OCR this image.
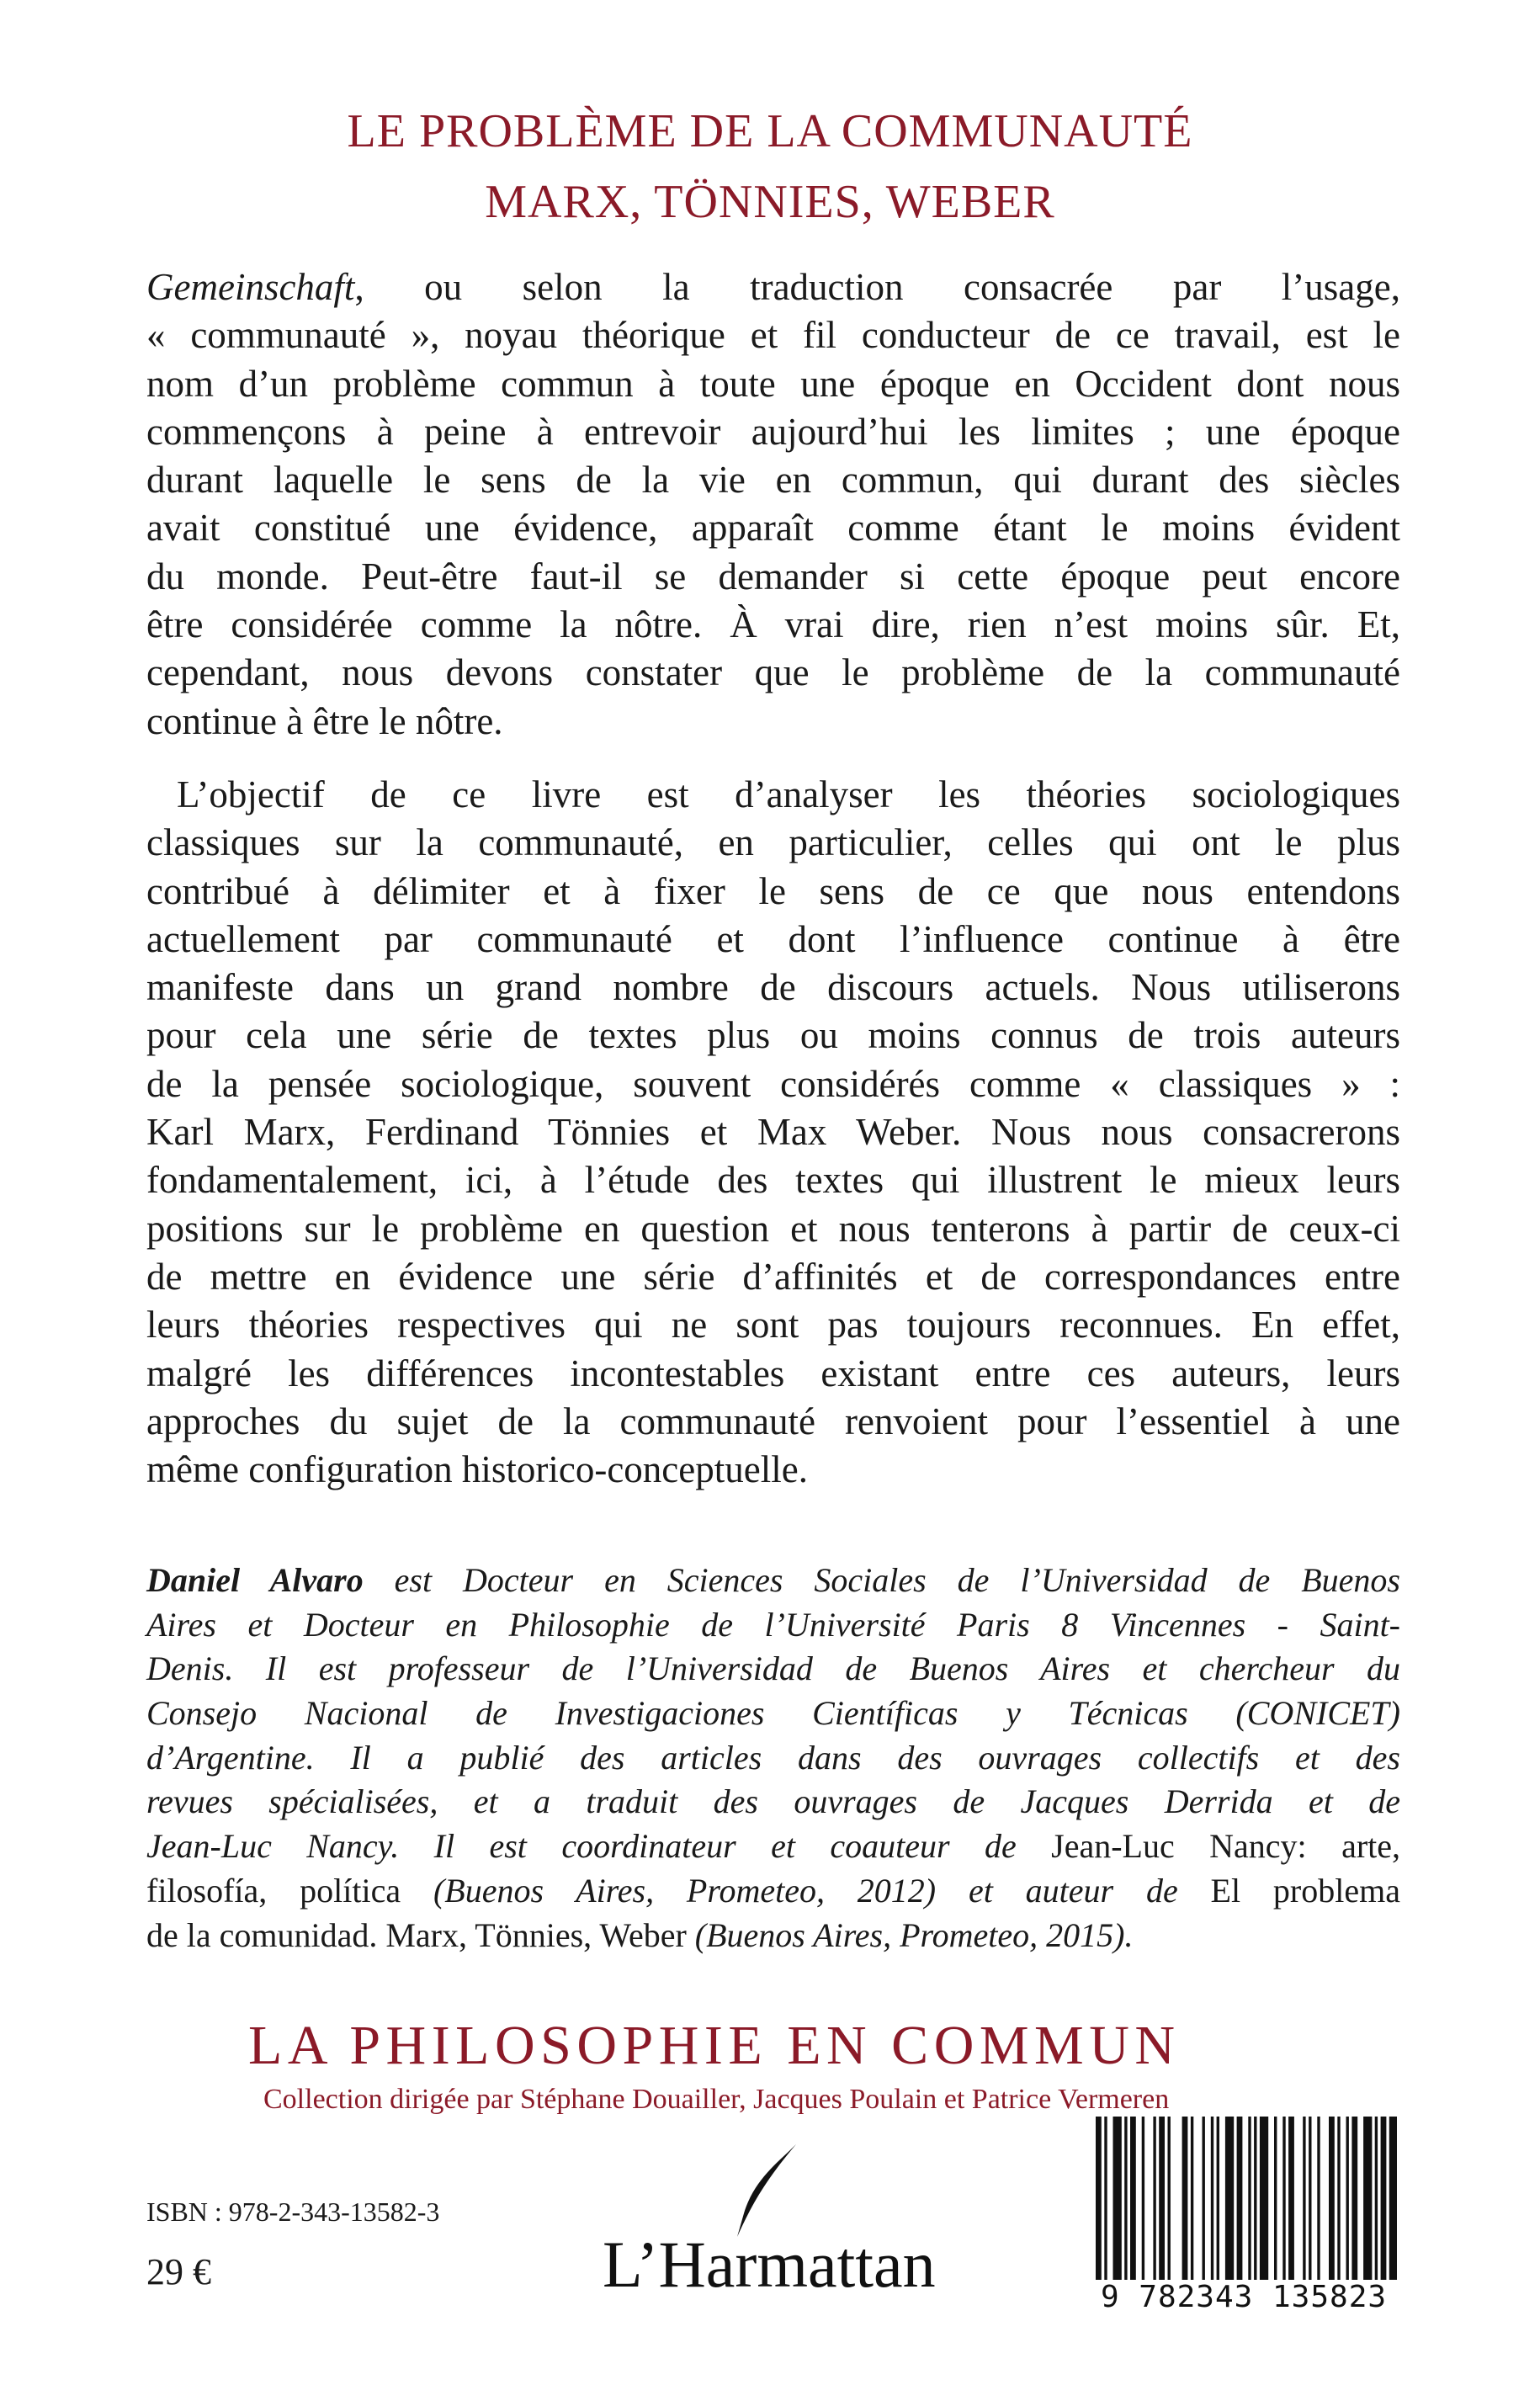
LE PROBLÈME DE LA COMMUNAUTÉ
MARX, TÖNNIES, WEBER
Gemeinschaft, ou selon la traduction consacrée par l’usage,
« communauté », noyau théorique et fil conducteur de ce travail, est le
nom d’un problème commun à toute une époque en Occident dont nous
commençons à peine à entrevoir aujourd’hui les limites ; une époque
durant laquelle le sens de la vie en commun, qui durant des siècles
avait constitué une évidence, apparaît comme étant le moins évident
du monde. Peut-être faut-il se demander si cette époque peut encore
être considérée comme la nôtre. À vrai dire, rien n’est moins sûr. Et,
cependant, nous devons constater que le problème de la communauté
continue à être le nôtre.
L’objectif de ce livre est d’analyser les théories sociologiques
classiques sur la communauté, en particulier, celles qui ont le plus
contribué à délimiter et à fixer le sens de ce que nous entendons
actuellement par communauté et dont l’influence continue à être
manifeste dans un grand nombre de discours actuels. Nous utiliserons
pour cela une série de textes plus ou moins connus de trois auteurs
de la pensée sociologique, souvent considérés comme « classiques » :
Karl Marx, Ferdinand Tönnies et Max Weber. Nous nous consacrerons
fondamentalement, ici, à l’étude des textes qui illustrent le mieux leurs
positions sur le problème en question et nous tenterons à partir de ceux-ci
de mettre en évidence une série d’affinités et de correspondances entre
leurs théories respectives qui ne sont pas toujours reconnues. En effet,
malgré les différences incontestables existant entre ces auteurs, leurs
approches du sujet de la communauté renvoient pour l’essentiel à une
même configuration historico-conceptuelle.
Daniel Alvaro est Docteur en Sciences Sociales de l’Universidad de Buenos
Aires et Docteur en Philosophie de l’Université Paris 8 Vincennes - Saint-
Denis. Il est professeur de l’Universidad de Buenos Aires et chercheur du
Consejo Nacional de Investigaciones Científicas y Técnicas (CONICET)
d’Argentine. Il a publié des articles dans des ouvrages collectifs et des
revues spécialisées, et a traduit des ouvrages de Jacques Derrida et de
Jean-Luc Nancy. Il est coordinateur et coauteur de Jean-Luc Nancy: arte,
filosofía, política (Buenos Aires, Prometeo, 2012) et auteur de El problema
de la comunidad. Marx, Tönnies, Weber (Buenos Aires, Prometeo, 2015).
LA PHILOSOPHIE EN COMMUN
Collection dirigée par Stéphane Douailler, Jacques Poulain et Patrice Vermeren
ISBN : 978-2-343-13582-3
29 €	L’Harmattan	9 782343 135823
